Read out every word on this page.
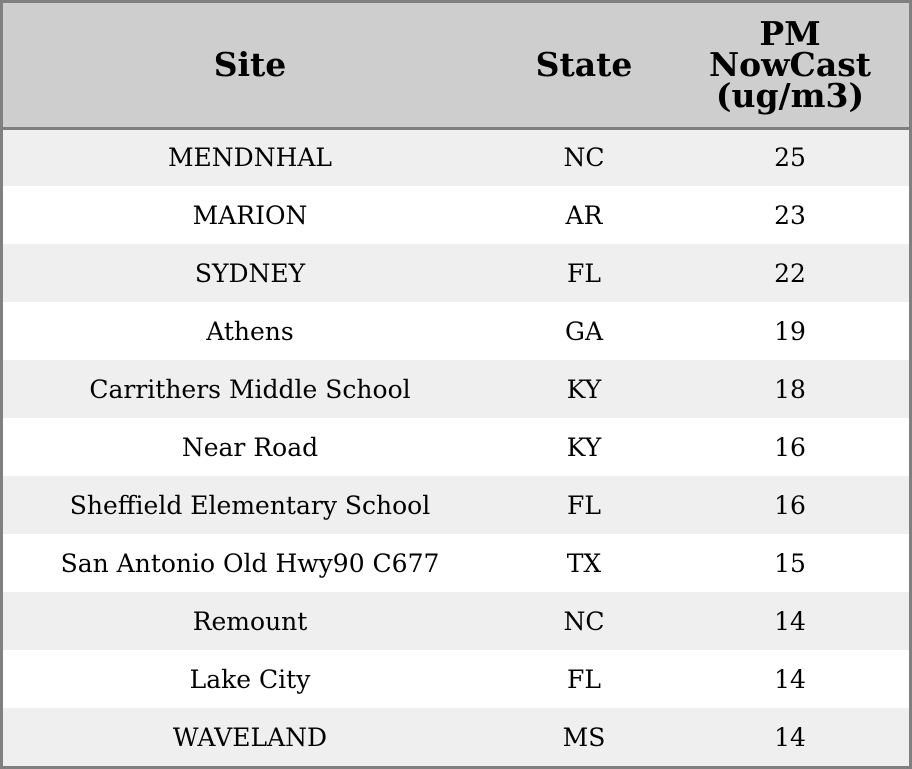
Site	State	PM
NowCast
(ug/m3)

MENDNHAL	NC	25
MARION	AR	23
SYDNEY	FL	22
Athens	GA	19
Carrithers Middle School	KY	18
Near Road	KY	16
Sheffield Elementary School	FL	16
San Antonio Old Hwy90 C677	TX	15
Remount	NC	14
Lake City	FL	14
WAVELAND	MS	14
